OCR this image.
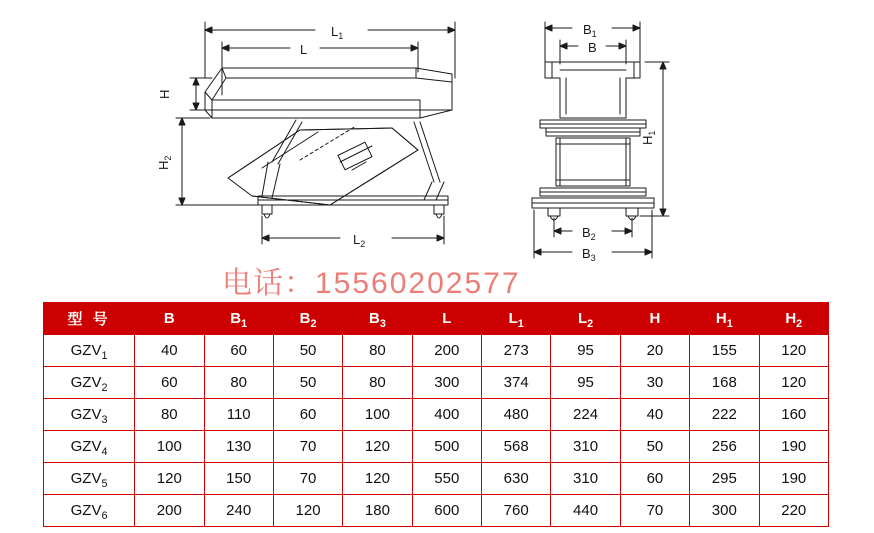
$L_1$
L
$L_2$
H
$H_2$
$B_1$
B
$B_2$
$B_3$
$H_1$
电话：15560202577
型 号	B	$B_1$	$B_2$	$B_3$	L	$L_1$	$L_2$	H	$H_1$	$H_2$
$GZV_1$	40	60	50	80	200	273	95	20	155	120
$GZV_2$	60	80	50	80	300	374	95	30	168	120
$GZV_3$	80	110	60	100	400	480	224	40	222	160
$GZV_4$	100	130	70	120	500	568	310	50	256	190
$GZV_5$	120	150	70	120	550	630	310	60	295	190
$GZV_6$	200	240	120	180	600	760	440	70	300	220
